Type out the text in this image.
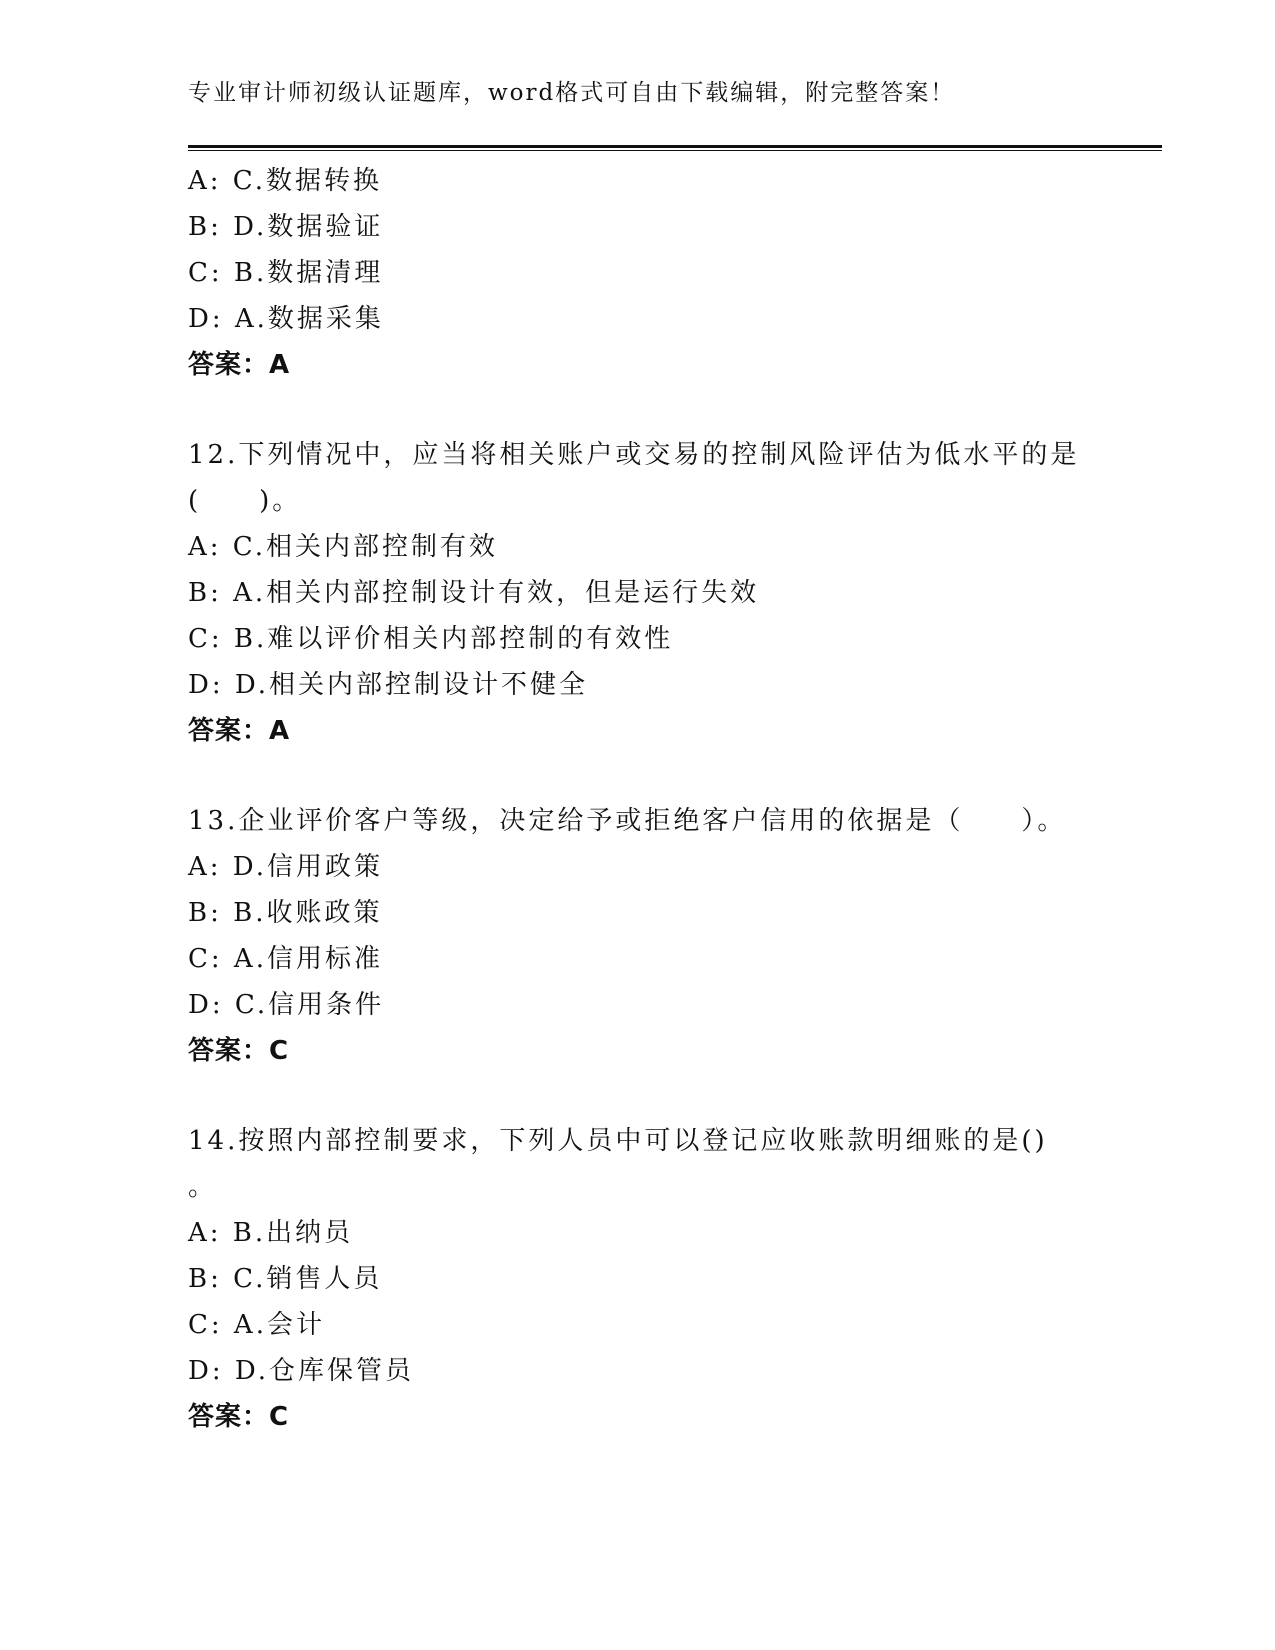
专业审计师初级认证题库，word格式可自由下载编辑，附完整答案！
A: C.数据转换
B: D.数据验证
C: B.数据清理
D: A.数据采集
答案：A
12.下列情况中，应当将相关账户或交易的控制风险评估为低水平的是
(　　)。
A: C.相关内部控制有效
B: A.相关内部控制设计有效，但是运行失效
C: B.难以评价相关内部控制的有效性
D: D.相关内部控制设计不健全
答案：A
13.企业评价客户等级，决定给予或拒绝客户信用的依据是（　　）。
A: D.信用政策
B: B.收账政策
C: A.信用标准
D: C.信用条件
答案：C
14.按照内部控制要求，下列人员中可以登记应收账款明细账的是()
。
A: B.出纳员
B: C.销售人员
C: A.会计
D: D.仓库保管员
答案：C
